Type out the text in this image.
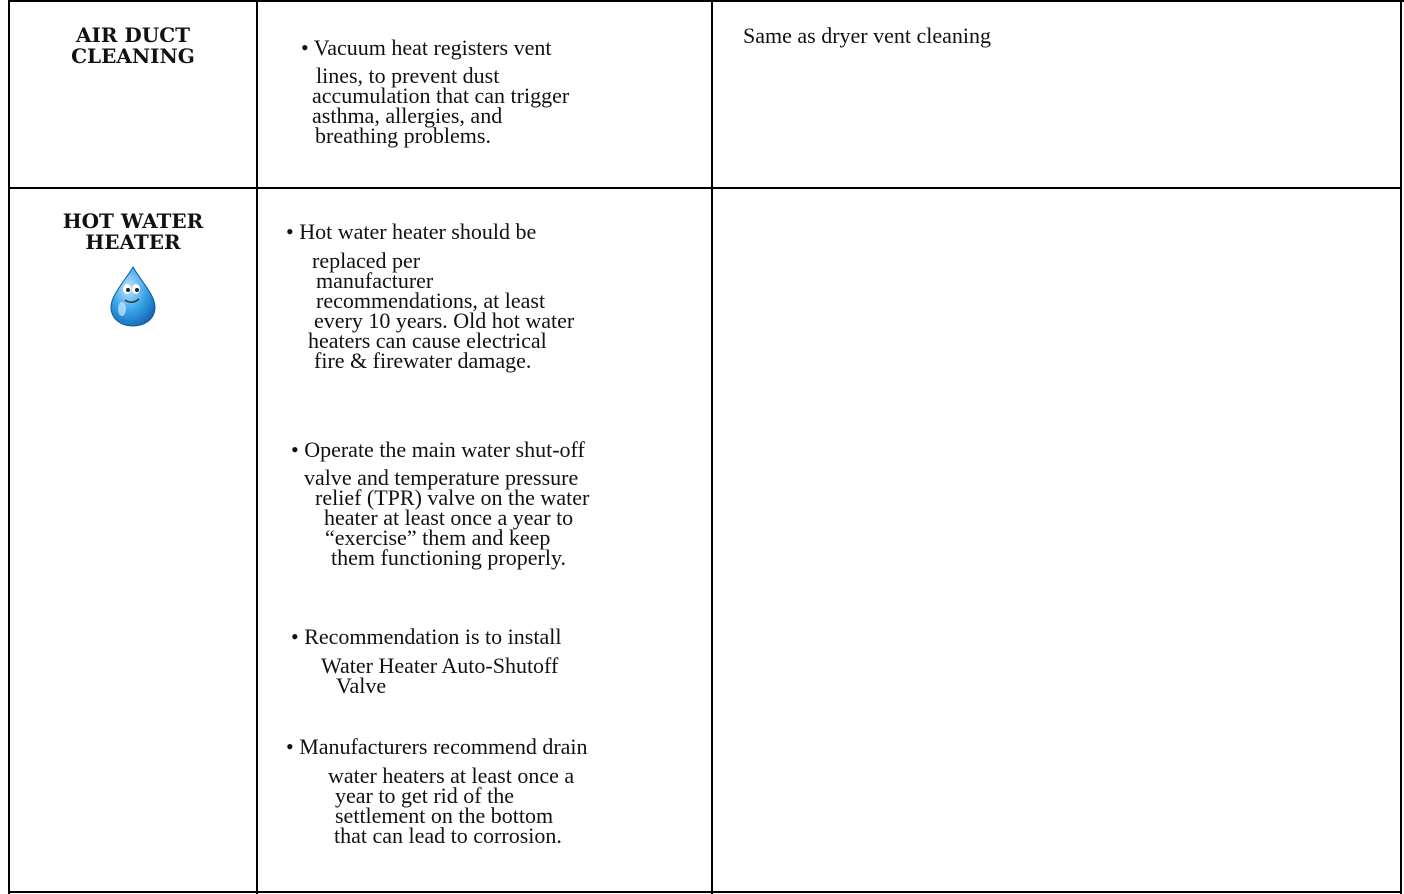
AIR DUCT
CLEANING	• Vacuum heat registers vent
lines, to prevent dust
accumulation that can trigger
asthma, allergies, and
breathing problems.
Same as dryer vent cleaning
HOT WATER
HEATER	• Hot water heater should be
replaced per
manufacturer
recommendations, at least
every 10 years. Old hot water
heaters can cause electrical
fire & firewater damage.
• Operate the main water shut-off
valve and temperature pressure
relief (TPR) valve on the water
heater at least once a year to
“exercise” them and keep
them functioning properly.
• Recommendation is to install
Water Heater Auto-Shutoff
Valve
• Manufacturers recommend drain
water heaters at least once a
year to get rid of the
settlement on the bottom
that can lead to corrosion.
